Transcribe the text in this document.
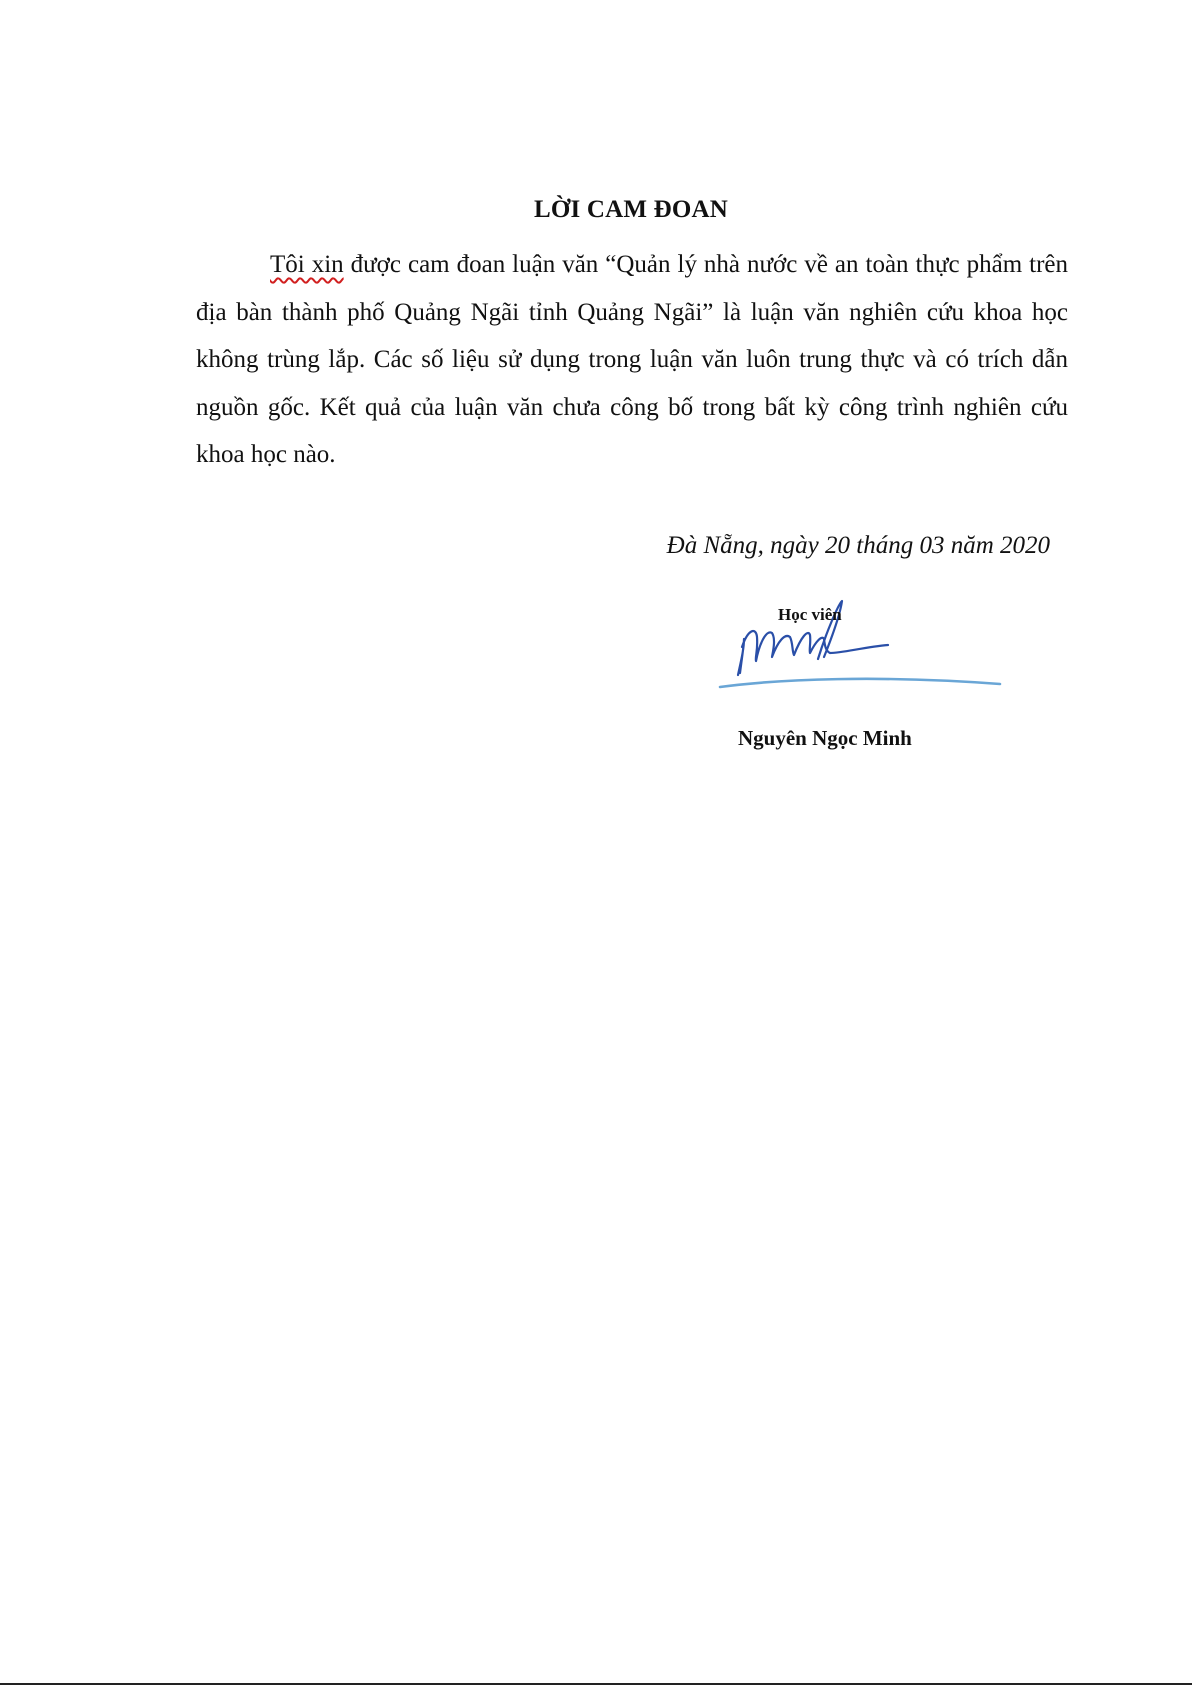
LỜI CAM ĐOAN
Tôi xin được cam đoan luận văn “Quản lý nhà nước về an toàn thực phẩm trên địa bàn thành phố Quảng Ngãi tỉnh Quảng Ngãi” là luận văn nghiên cứu khoa học không trùng lắp. Các số liệu sử dụng trong luận văn luôn trung thực và có trích dẫn nguồn gốc. Kết quả của luận văn chưa công bố trong bất kỳ công trình nghiên cứu khoa học nào.
Đà Nẵng, ngày 20 tháng 03 năm 2020
Học viên
Nguyên Ngọc Minh
